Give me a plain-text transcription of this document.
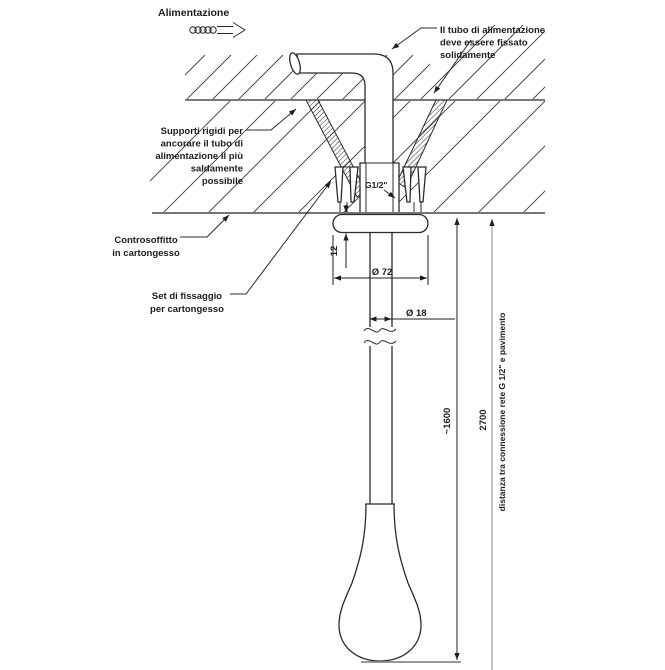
12
Ø 72
Ø 18
~1600	2700 distanza tra connessione rete G 1/2" e pavimento
G1/2"
Alimentazione
Il tubo di alimentazione
deve essere fissato
solidamente
Supporti rigidi per
ancorare il tubo di
alimentazione il più
saldamente
possibile
Controsoffitto
in cartongesso
Set di fissaggio
per cartongesso
